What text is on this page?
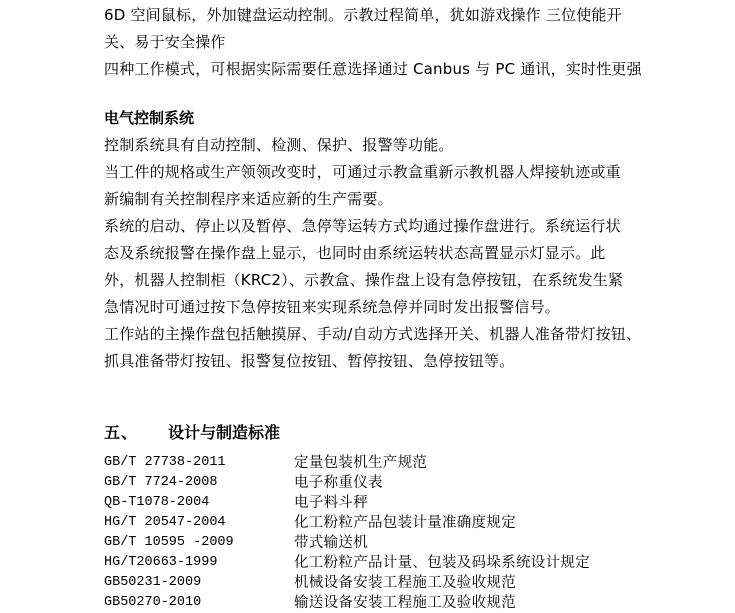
6D 空间鼠标，外加键盘运动控制。示教过程简单，犹如游戏操作 三位使能开

关、易于安全操作

四种工作模式，可根据实际需要任意选择通过 Canbus 与 PC 通讯，实时性更强

电气控制系统

控制系统具有自动控制、检测、保护、报警等功能。

当工件的规格或生产领领改变时，可通过示教盒重新示教机器人焊接轨迹或重

新编制有关控制程序来适应新的生产需要。

系统的启动、停止以及暂停、急停等运转方式均通过操作盘进行。系统运行状

态及系统报警在操作盘上显示，也同时由系统运转状态高置显示灯显示。此

外，机器人控制柜（KRC2）、示教盒、操作盘上设有急停按钮，在系统发生紧

急情况时可通过按下急停按钮来实现系统急停并同时发出报警信号。

工作站的主操作盘包括触摸屏、手动/自动方式选择开关、机器人准备带灯按钮、

抓具准备带灯按钮、报警复位按钮、暂停按钮、急停按钮等。

五、 设计与制造标准
GB/T 27738-2011	定量包装机生产规范
GB/T 7724-2008	电子称重仪表
QB-T1078-2004	电子料斗秤
HG/T 20547-2004	化工粉粒产品包装计量准确度规定
GB/T 10595 -2009	带式输送机
HG/T20663-1999	化工粉粒产品计量、包装及码垛系统设计规定
GB50231-2009	机械设备安装工程施工及验收规范
GB50270-2010	输送设备安装工程施工及验收规范
